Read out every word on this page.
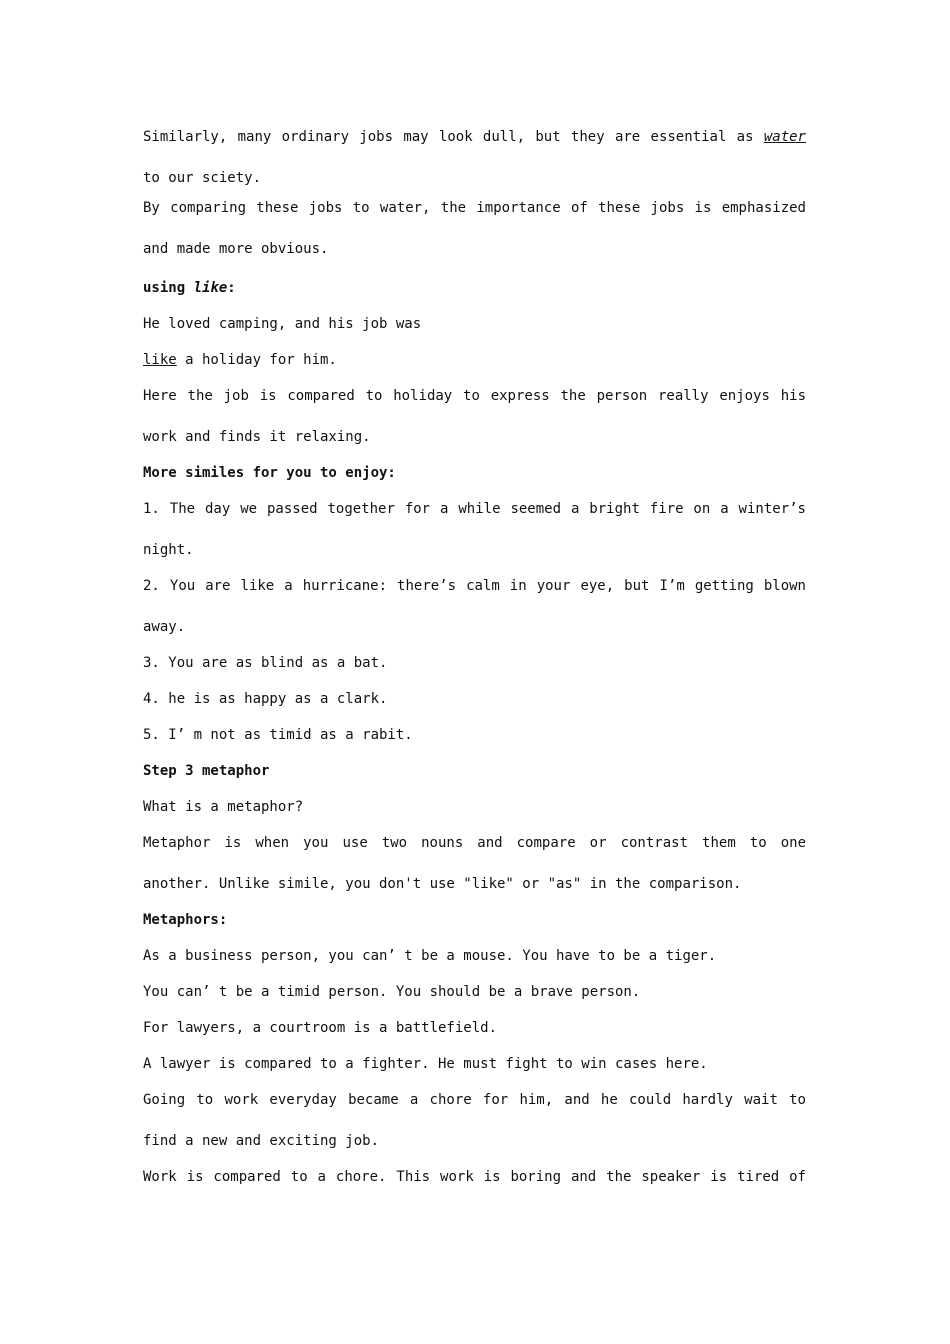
Similarly, many ordinary jobs may look dull, but they are essential as water to our sciety.

By comparing these jobs to water, the importance of these jobs is emphasized and made more obvious.

using like:

He loved camping, and his job was

like a holiday for him.

Here the job is compared to holiday to express the person really enjoys his work and finds it relaxing.

More similes for you to enjoy:

1. The day we passed together for a while seemed a bright fire on a winter’s night.

2. You are like a hurricane: there’s calm in your eye, but I’m getting blown away.

3. You are as blind as a bat.

4. he is as happy as a clark.

5. I’ m not as timid as a rabit.

Step 3 metaphor

What is a metaphor?

Metaphor is when you use two nouns and compare or contrast them to one another. Unlike simile, you don't use "like" or "as" in the comparison.

Metaphors:

As a business person, you can’ t be a mouse. You have to be a tiger.

You can’ t be a timid person. You should be a brave person.

For lawyers, a courtroom is a battlefield.

A lawyer is compared to a fighter. He must fight to win cases here.

Going to work everyday became a chore for him, and he could hardly wait to find a new and exciting job.

Work is compared to a chore. This work is boring and the speaker is tired of
